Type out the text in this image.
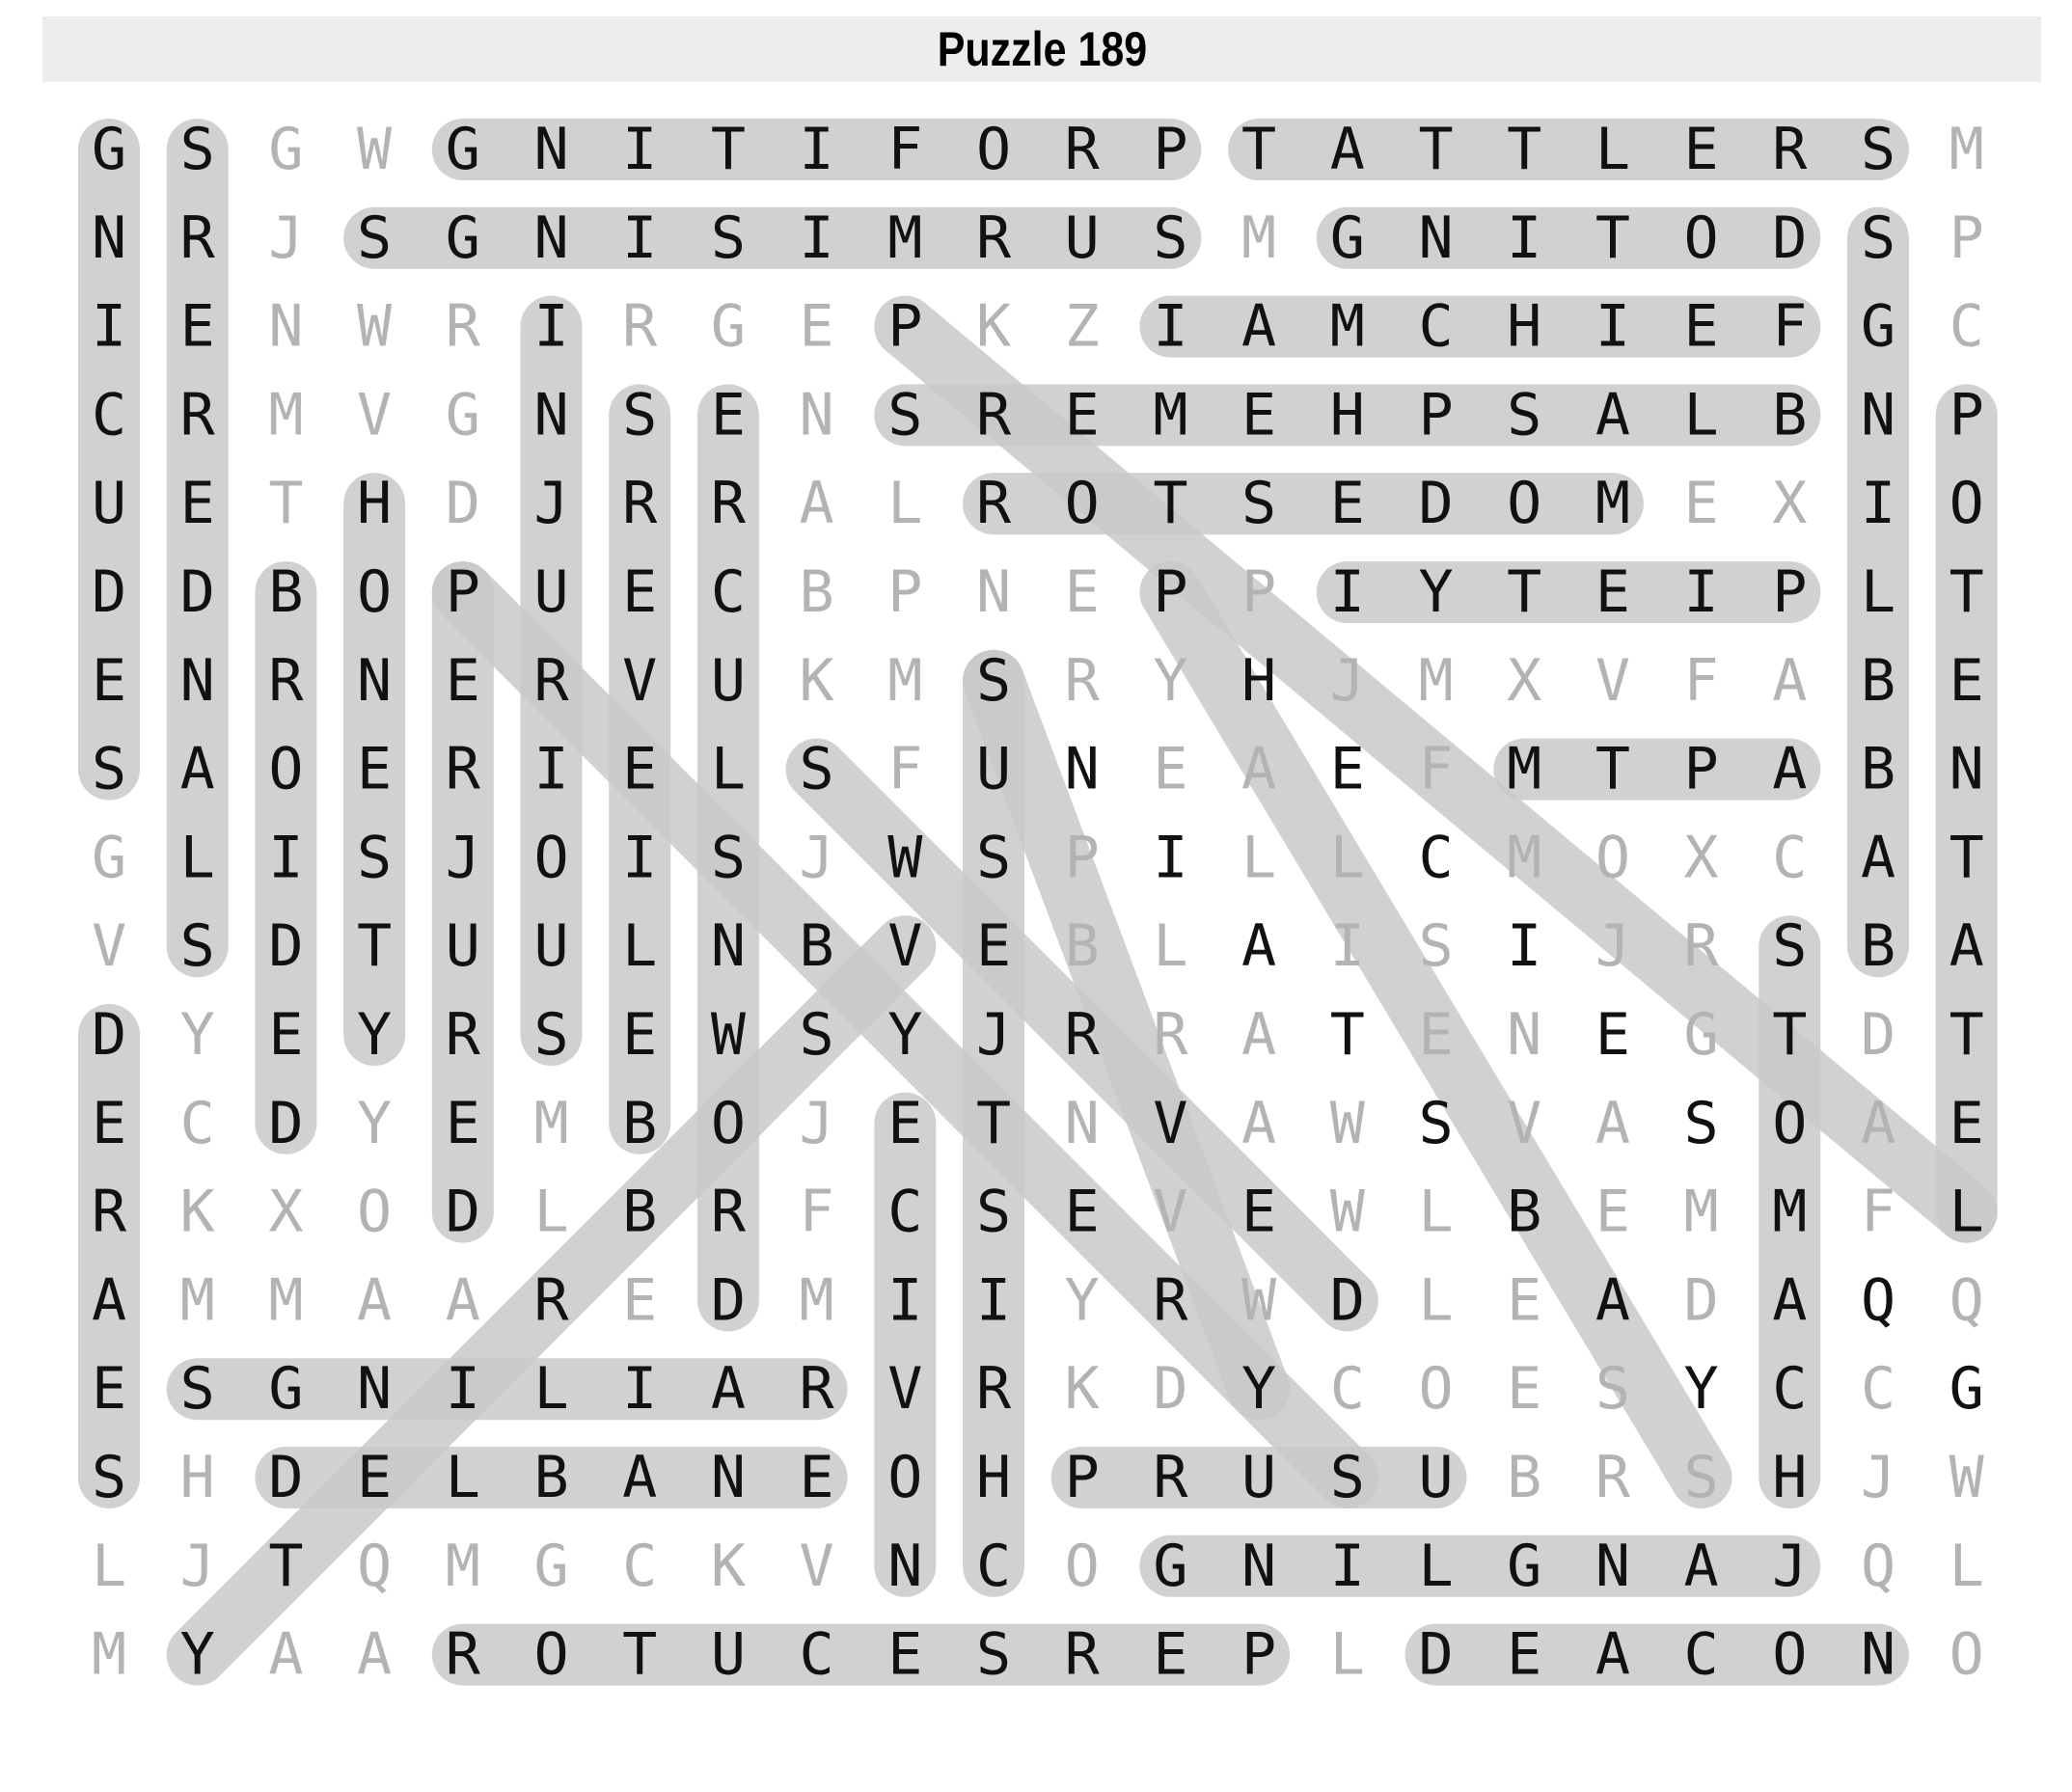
Puzzle 189
G S G W G N I T I F O R P T A T T L E R S M
N R J S G N I S I M R U S M G N I T O D S P
I E N W R I R G E P K Z I A M C H I E F G C
C R M V G N S E N S R E M E H P S A L B N P
U E T H D J R R A L R O T S E D O M E X I O
D D B O P U E C B P N E P P I Y T E I P L T
E N R N E R V U K M S R Y H J M X V F A B E
S A O E R I E L S F U N E A E F M T P A B N
G L I S J O I S J W S P I L L C M O X C A T
V S D T U U L N B V E B L A I S I J R S B A
D Y E Y R S E W S Y J R R A T E N E G T D T
E C D Y E M B O J E T N V A W S V A S O A E
R K X O D L B R F C S E V E W L B E M M F L
A M M A A R E D M I I Y R W D L E A D A Q Q
E S G N I L I A R V R K D Y C O E S Y C C G
S H D E L B A N E O H P R U S U B R S H J W
L J T Q M G C K V N C O G N I L G N A J Q L
M Y A A R O T U C E S R E P L D E A C O N O
